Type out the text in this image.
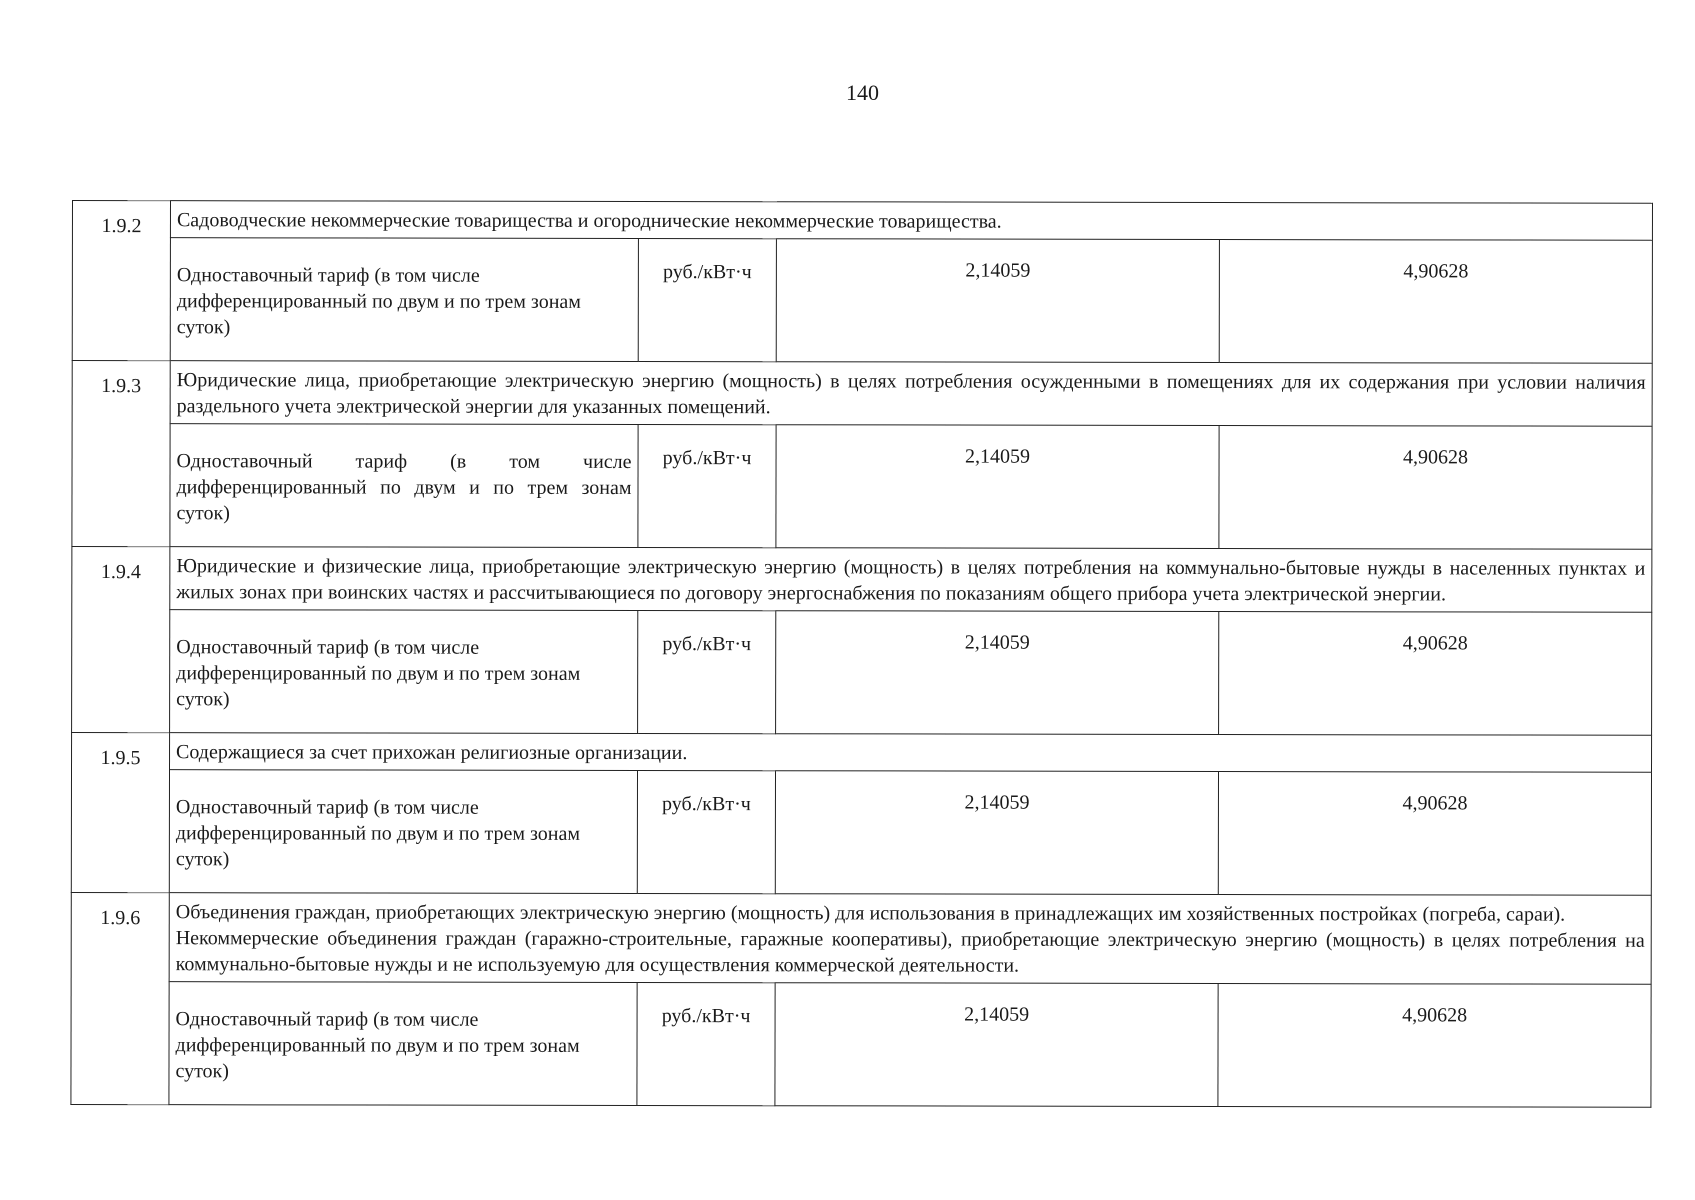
140
1.9.2	Садоводческие некоммерческие товарищества и огороднические некоммерческие товарищества.			
	Одноставочный тариф (в том числе дифференцированный по двум и по трем зонам суток)	руб./кВт·ч	2,14059	4,90628
1.9.3	Юридические лица, приобретающие электрическую энергию (мощность) в целях потребления осужденными в помещениях для их содержания при условии наличия раздельного учета электрической энергии для указанных помещений.			
	Одноставочный тариф (в том числе дифференцированный по двум и по трем зонам суток)	руб./кВт·ч	2,14059	4,90628
1.9.4	Юридические и физические лица, приобретающие электрическую энергию (мощность) в целях потребления на коммунально-бытовые нужды в населенных пунктах и жилых зонах при воинских частях и рассчитывающиеся по договору энергоснабжения по показаниям общего прибора учета электрической энергии.			
	Одноставочный тариф (в том числе дифференцированный по двум и по трем зонам суток)	руб./кВт·ч	2,14059	4,90628
1.9.5	Содержащиеся за счет прихожан религиозные организации.			
	Одноставочный тариф (в том числе дифференцированный по двум и по трем зонам суток)	руб./кВт·ч	2,14059	4,90628
1.9.6	Объединения граждан, приобретающих электрическую энергию (мощность) для использования в принадлежащих им хозяйственных постройках (погреба, сараи).
Некоммерческие объединения граждан (гаражно-строительные, гаражные кооперативы), приобретающие электрическую энергию (мощность) в целях потребления на коммунально-бытовые нужды и не используемую для осуществления коммерческой деятельности.			

	Одноставочный тариф (в том числе дифференцированный по двум и по трем зонам суток)	руб./кВт·ч	2,14059	4,90628
